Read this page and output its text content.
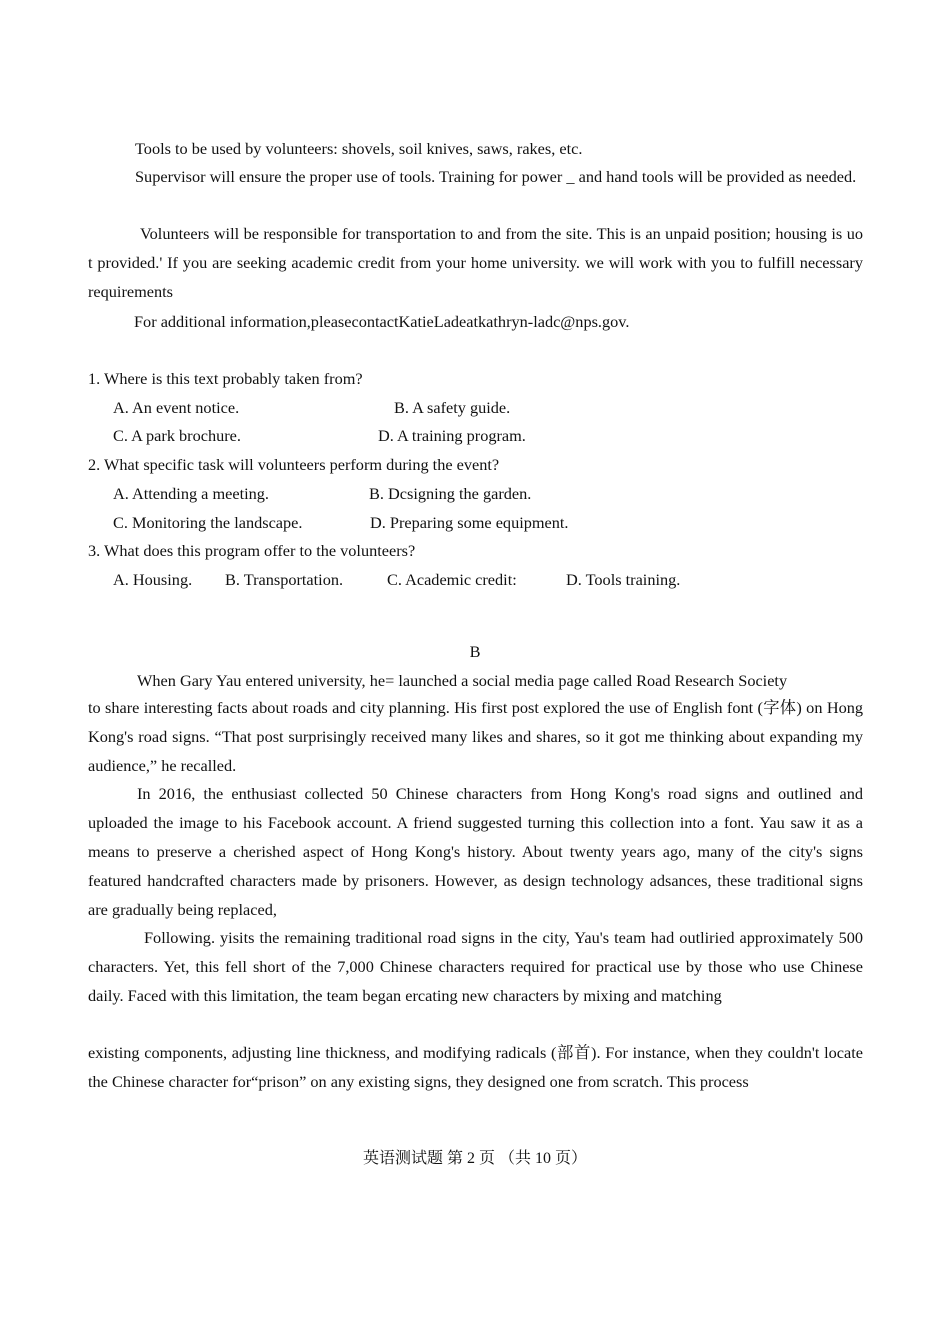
Tools to be used by volunteers: shovels, soil knives, saws, rakes, etc.

Supervisor will ensure the proper use of tools. Training for power _ and hand tools will be provided as needed.

Volunteers will be responsible for transportation to and from the site. This is an unpaid position; housing is uo t provided.' If you are seeking academic credit from your home university. we will work with you to fulfill necessary requirements

For additional information,pleasecontactKatieLadeatkathryn-ladc@nps.gov.

1. Where is this text probably taken from?

A. An event notice.	B. A safety guide.

C. A park brochure.	D. A training program.

2. What specific task will volunteers perform during the event?

A. Attending a meeting.	B. Dcsigning the garden.

C. Monitoring the landscape.	D. Preparing some equipment.

3. What does this program offer to the volunteers?

A. Housing. B. Transportation.	C. Academic credit:	D. Tools training.

B

When Gary Yau entered university, he= launched a social media page called Road Research Society

to share interesting facts about roads and city planning. His first post explored the use of English font (字体) on Hong Kong's road signs. “That post surprisingly received many likes and shares, so it got me thinking about expanding my audience,” he recalled.

In 2016, the enthusiast collected 50 Chinese characters from Hong Kong's road signs and outlined and uploaded the image to his Facebook account. A friend suggested turning this collection into a font. Yau saw it as a means to preserve a cherished aspect of Hong Kong's history. About twenty years ago, many of the city's signs featured handcrafted characters made by prisoners. However, as design technology adsances, these traditional signs are gradually being replaced,

Following. yisits the remaining traditional road signs in the city, Yau's team had outliried approximately 500 characters. Yet, this fell short of the 7,000 Chinese characters required for practical use by those who use Chinese daily. Faced with this limitation, the team began ercating new characters by mixing and matching

existing components, adjusting line thickness, and modifying radicals (部首). For instance, when they couldn't locate the Chinese character for“prison” on any existing signs, they designed one from scratch. This process

英语测试题 第 2 页 （共 10 页）
